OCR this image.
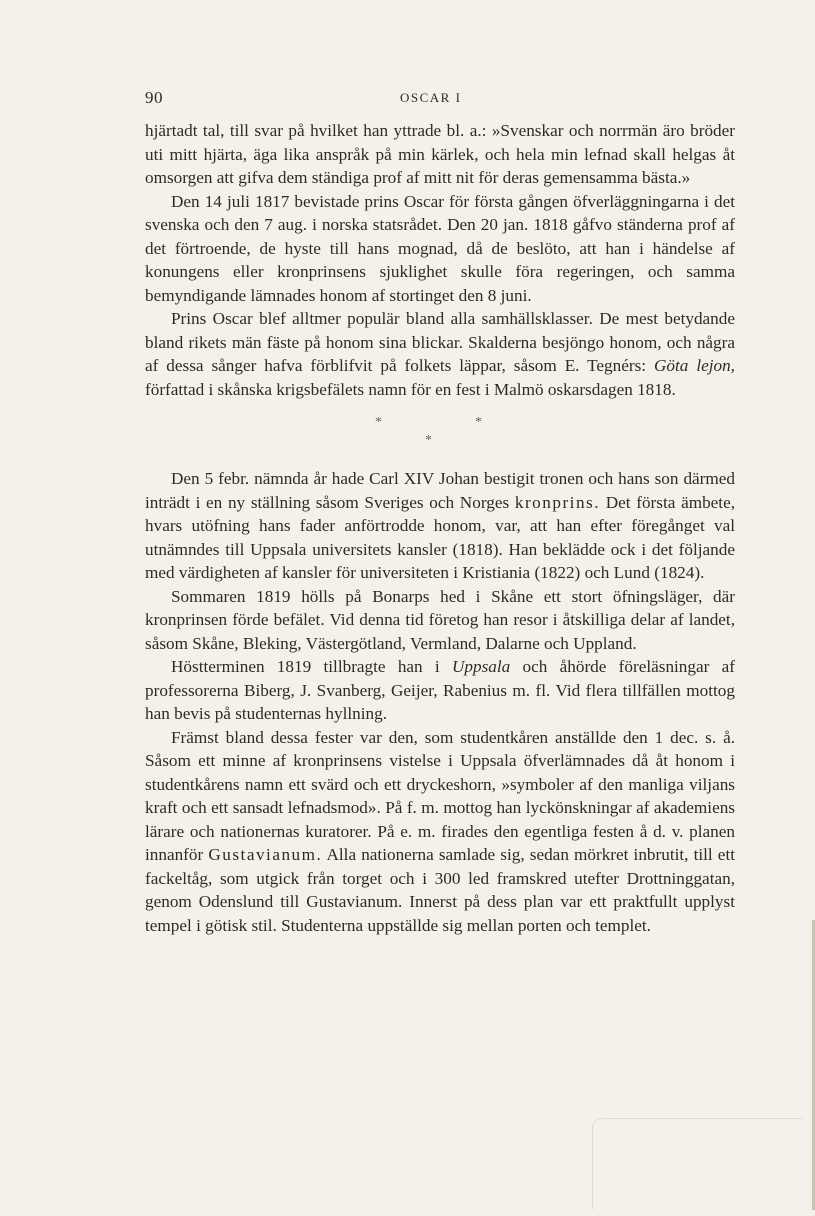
90	OSCAR I

hjärtadt tal, till svar på hvilket han yttrade bl. a.: »Svenskar och norrmän äro bröder uti mitt hjärta, äga lika anspråk på min kärlek, och hela min lefnad skall helgas åt omsorgen att gifva dem ständiga prof af mitt nit för deras gemensamma bästa.»

Den 14 juli 1817 bevistade prins Oscar för första gången öfverläggningarna i det svenska och den 7 aug. i norska statsrådet. Den 20 jan. 1818 gåfvo ständerna prof af det förtroende, de hyste till hans mognad, då de beslöto, att han i händelse af konungens eller kronprinsens sjuklighet skulle föra regeringen, och samma bemyndigande lämnades honom af stortinget den 8 juni.

Prins Oscar blef alltmer populär bland alla samhällsklasser. De mest betydande bland rikets män fäste på honom sina blickar. Skalderna besjöngo honom, och några af dessa sånger hafva förblifvit på folkets läppar, såsom E. Tegnérs: Göta lejon, författad i skånska krigsbefälets namn för en fest i Malmö oskarsdagen 1818.

*	*
*

Den 5 febr. nämnda år hade Carl XIV Johan bestigit tronen och hans son därmed inträdt i en ny ställning såsom Sveriges och Norges kronprins. Det första ämbete, hvars utöfning hans fader anförtrodde honom, var, att han efter föregånget val utnämndes till Uppsala universitets kansler (1818). Han beklädde ock i det följande med värdigheten af kansler för universiteten i Kristiania (1822) och Lund (1824).

Sommaren 1819 hölls på Bonarps hed i Skåne ett stort öfningsläger, där kronprinsen förde befälet. Vid denna tid företog han resor i åtskilliga delar af landet, såsom Skåne, Bleking, Västergötland, Vermland, Dalarne och Uppland.

Höstterminen 1819 tillbragte han i Uppsala och åhörde föreläsningar af professorerna Biberg, J. Svanberg, Geijer, Rabenius m. fl. Vid flera tillfällen mottog han bevis på studenternas hyllning.

Främst bland dessa fester var den, som studentkåren anställde den 1 dec. s. å. Såsom ett minne af kronprinsens vistelse i Uppsala öfverlämnades då åt honom i studentkårens namn ett svärd och ett dryckeshorn, »symboler af den manliga viljans kraft och ett sansadt lefnadsmod». På f. m. mottog han lyckönskningar af akademiens lärare och nationernas kuratorer. På e. m. firades den egentliga festen å d. v. planen innanför Gustavianum. Alla nationerna samlade sig, sedan mörkret inbrutit, till ett fackeltåg, som utgick från torget och i 300 led framskred utefter Drottninggatan, genom Odenslund till Gustavianum. Innerst på dess plan var ett praktfullt upplyst tempel i götisk stil. Studenterna uppställde sig mellan porten och templet.
